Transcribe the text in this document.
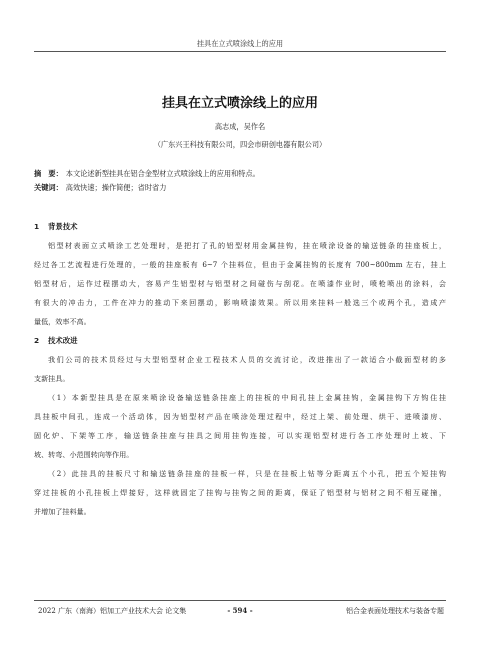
挂具在立式喷涂线上的应用
挂具在立式喷涂线上的应用
高志成，吴作名
（广东兴王科技有限公司，四会市研创电器有限公司）
摘　要： 本文论述新型挂具在铝合金型材立式喷涂线上的应用和特点。
关键词： 高效快速；操作简便；省时省力
1 背景技术
铝型材表面立式喷涂工艺处理时，是把打了孔的铝型材用金属挂钩，挂在喷涂设备的输送链条的挂座板上，
经过各工艺流程进行处理的，一般的挂座板有 6~7 个挂料位，但由于金属挂钩的长度有 700~800mm 左右，挂上
铝型材后，运作过程摆动大，容易产生铝型材与铝型材之间碰伤与刮花。在喷漆作业时，喷枪喷出的涂料，会
有很大的冲击力，工件在冲力的推动下来回摆动，影响喷漆效果。所以用来挂料一般选三个或两个孔，造成产
量低，效率不高。
2 技术改进
我们公司的技术员经过与大型铝型材企业工程技术人员的交流讨论，改进推出了一款适合小截面型材的多
支新挂具。
（1）本新型挂具是在原来喷涂设备输送链条挂座上的挂板的中间孔挂上金属挂钩，金属挂钩下方钩住挂
具挂板中间孔，连成一个活动体，因为铝型材产品在喷涂处理过程中，经过上架、前处理、烘干、进喷漆房、
固化炉、下架等工序，输送链条挂座与挂具之间用挂钩连接，可以实现铝型材进行各工序处理时上坡、下
坡、转弯、小范围转向等作用。
（2）此挂具的挂板尺寸和输送链条挂座的挂板一样，只是在挂板上钻等分距离五个小孔，把五个短挂钩
穿过挂板的小孔挂板上焊接好，这样就固定了挂钩与挂钩之间的距离，保证了铝型材与铝材之间不相互碰撞，
并增加了挂料量。
2022 广东（南海）铝加工产业技术大会 论文集	- 594 -	铝合金表面处理技术与装备专题
